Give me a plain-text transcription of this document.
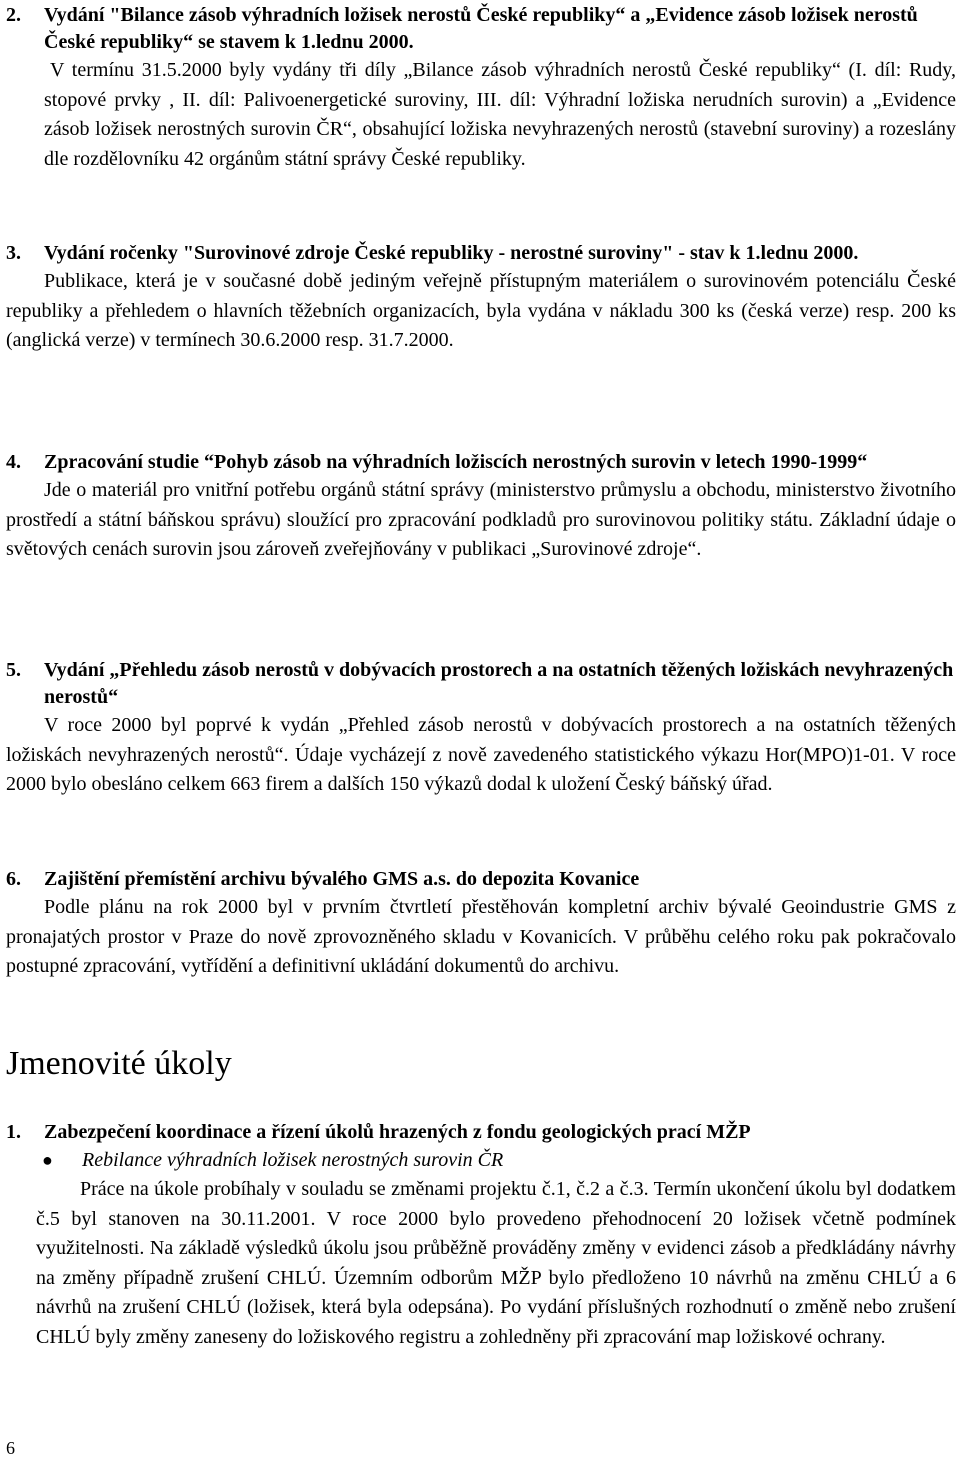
2.	Vydání "Bilance zásob výhradních ložisek nerostů České republiky“ a „Evidence zásob ložisek nerostů České republiky“ se stavem k 1.lednu 2000.

V termínu 31.5.2000 byly vydány tři díly „Bilance zásob výhradních nerostů České republiky“ (I. díl: Rudy, stopové prvky , II. díl: Palivoenergetické suroviny, III. díl: Výhradní ložiska nerudních surovin) a „Evidence zásob ložisek nerostných surovin ČR“, obsahující ložiska nevyhrazených nerostů (stavební suroviny) a rozeslány dle rozdělovníku 42 orgánům státní správy České republiky.

3.	Vydání ročenky "Surovinové zdroje České republiky - nerostné suroviny" - stav k 1.lednu 2000.

Publikace, která je v současné době jediným veřejně přístupným materiálem o surovinovém potenciálu České republiky a přehledem o hlavních těžebních organizacích, byla vydána v nákladu 300 ks (česká verze) resp. 200 ks (anglická verze) v termínech 30.6.2000 resp. 31.7.2000.

4.	Zpracování studie “Pohyb zásob na výhradních ložiscích nerostných surovin v letech 1990-1999“

Jde o materiál pro vnitřní potřebu orgánů státní správy (ministerstvo průmyslu a obchodu, ministerstvo životního prostředí a státní báňskou správu) sloužící pro zpracování podkladů pro surovinovou politiky státu. Základní údaje o světových cenách surovin jsou zároveň zveřejňovány v publikaci „Surovinové zdroje“.

5.	Vydání „Přehledu zásob nerostů v dobývacích prostorech a na ostatních těžených ložiskách nevyhrazených nerostů“

V roce 2000 byl poprvé k vydán „Přehled zásob nerostů v dobývacích prostorech a na ostatních těžených ložiskách nevyhrazených nerostů“. Údaje vycházejí z nově zavedeného statistického výkazu Hor(MPO)1-01. V roce 2000 bylo obesláno celkem 663 firem a dalších 150 výkazů dodal k uložení Český báňský úřad.

6.	Zajištění přemístění archivu bývalého GMS a.s. do depozita Kovanice

Podle plánu na rok 2000 byl v prvním čtvrtletí přestěhován kompletní archiv bývalé Geoindustrie GMS z pronajatých prostor v Praze do nově zprovozněného skladu v Kovanicích. V průběhu celého roku pak pokračovalo postupné zpracování, vytřídění a definitivní ukládání dokumentů do archivu.

Jmenovité úkoly
1.	Zabezpečení koordinace a řízení úkolů hrazených z fondu geologických prací MŽP
●	Rebilance výhradních ložisek nerostných surovin ČR

Práce na úkole probíhaly v souladu se změnami projektu č.1, č.2 a č.3. Termín ukončení úkolu byl dodatkem č.5 byl stanoven na 30.11.2001. V roce 2000 bylo provedeno přehodnocení 20 ložisek včetně podmínek využitelnosti. Na základě výsledků úkolu jsou průběžně prováděny změny v evidenci zásob a předkládány návrhy na změny případně zrušení CHLÚ. Územním odborům MŽP bylo předloženo 10 návrhů na změnu CHLÚ a 6 návrhů na zrušení CHLÚ (ložisek, která byla odepsána). Po vydání příslušných rozhodnutí o změně nebo zrušení CHLÚ byly změny zaneseny do ložiskového registru a zohledněny při zpracování map ložiskové ochrany.

6
